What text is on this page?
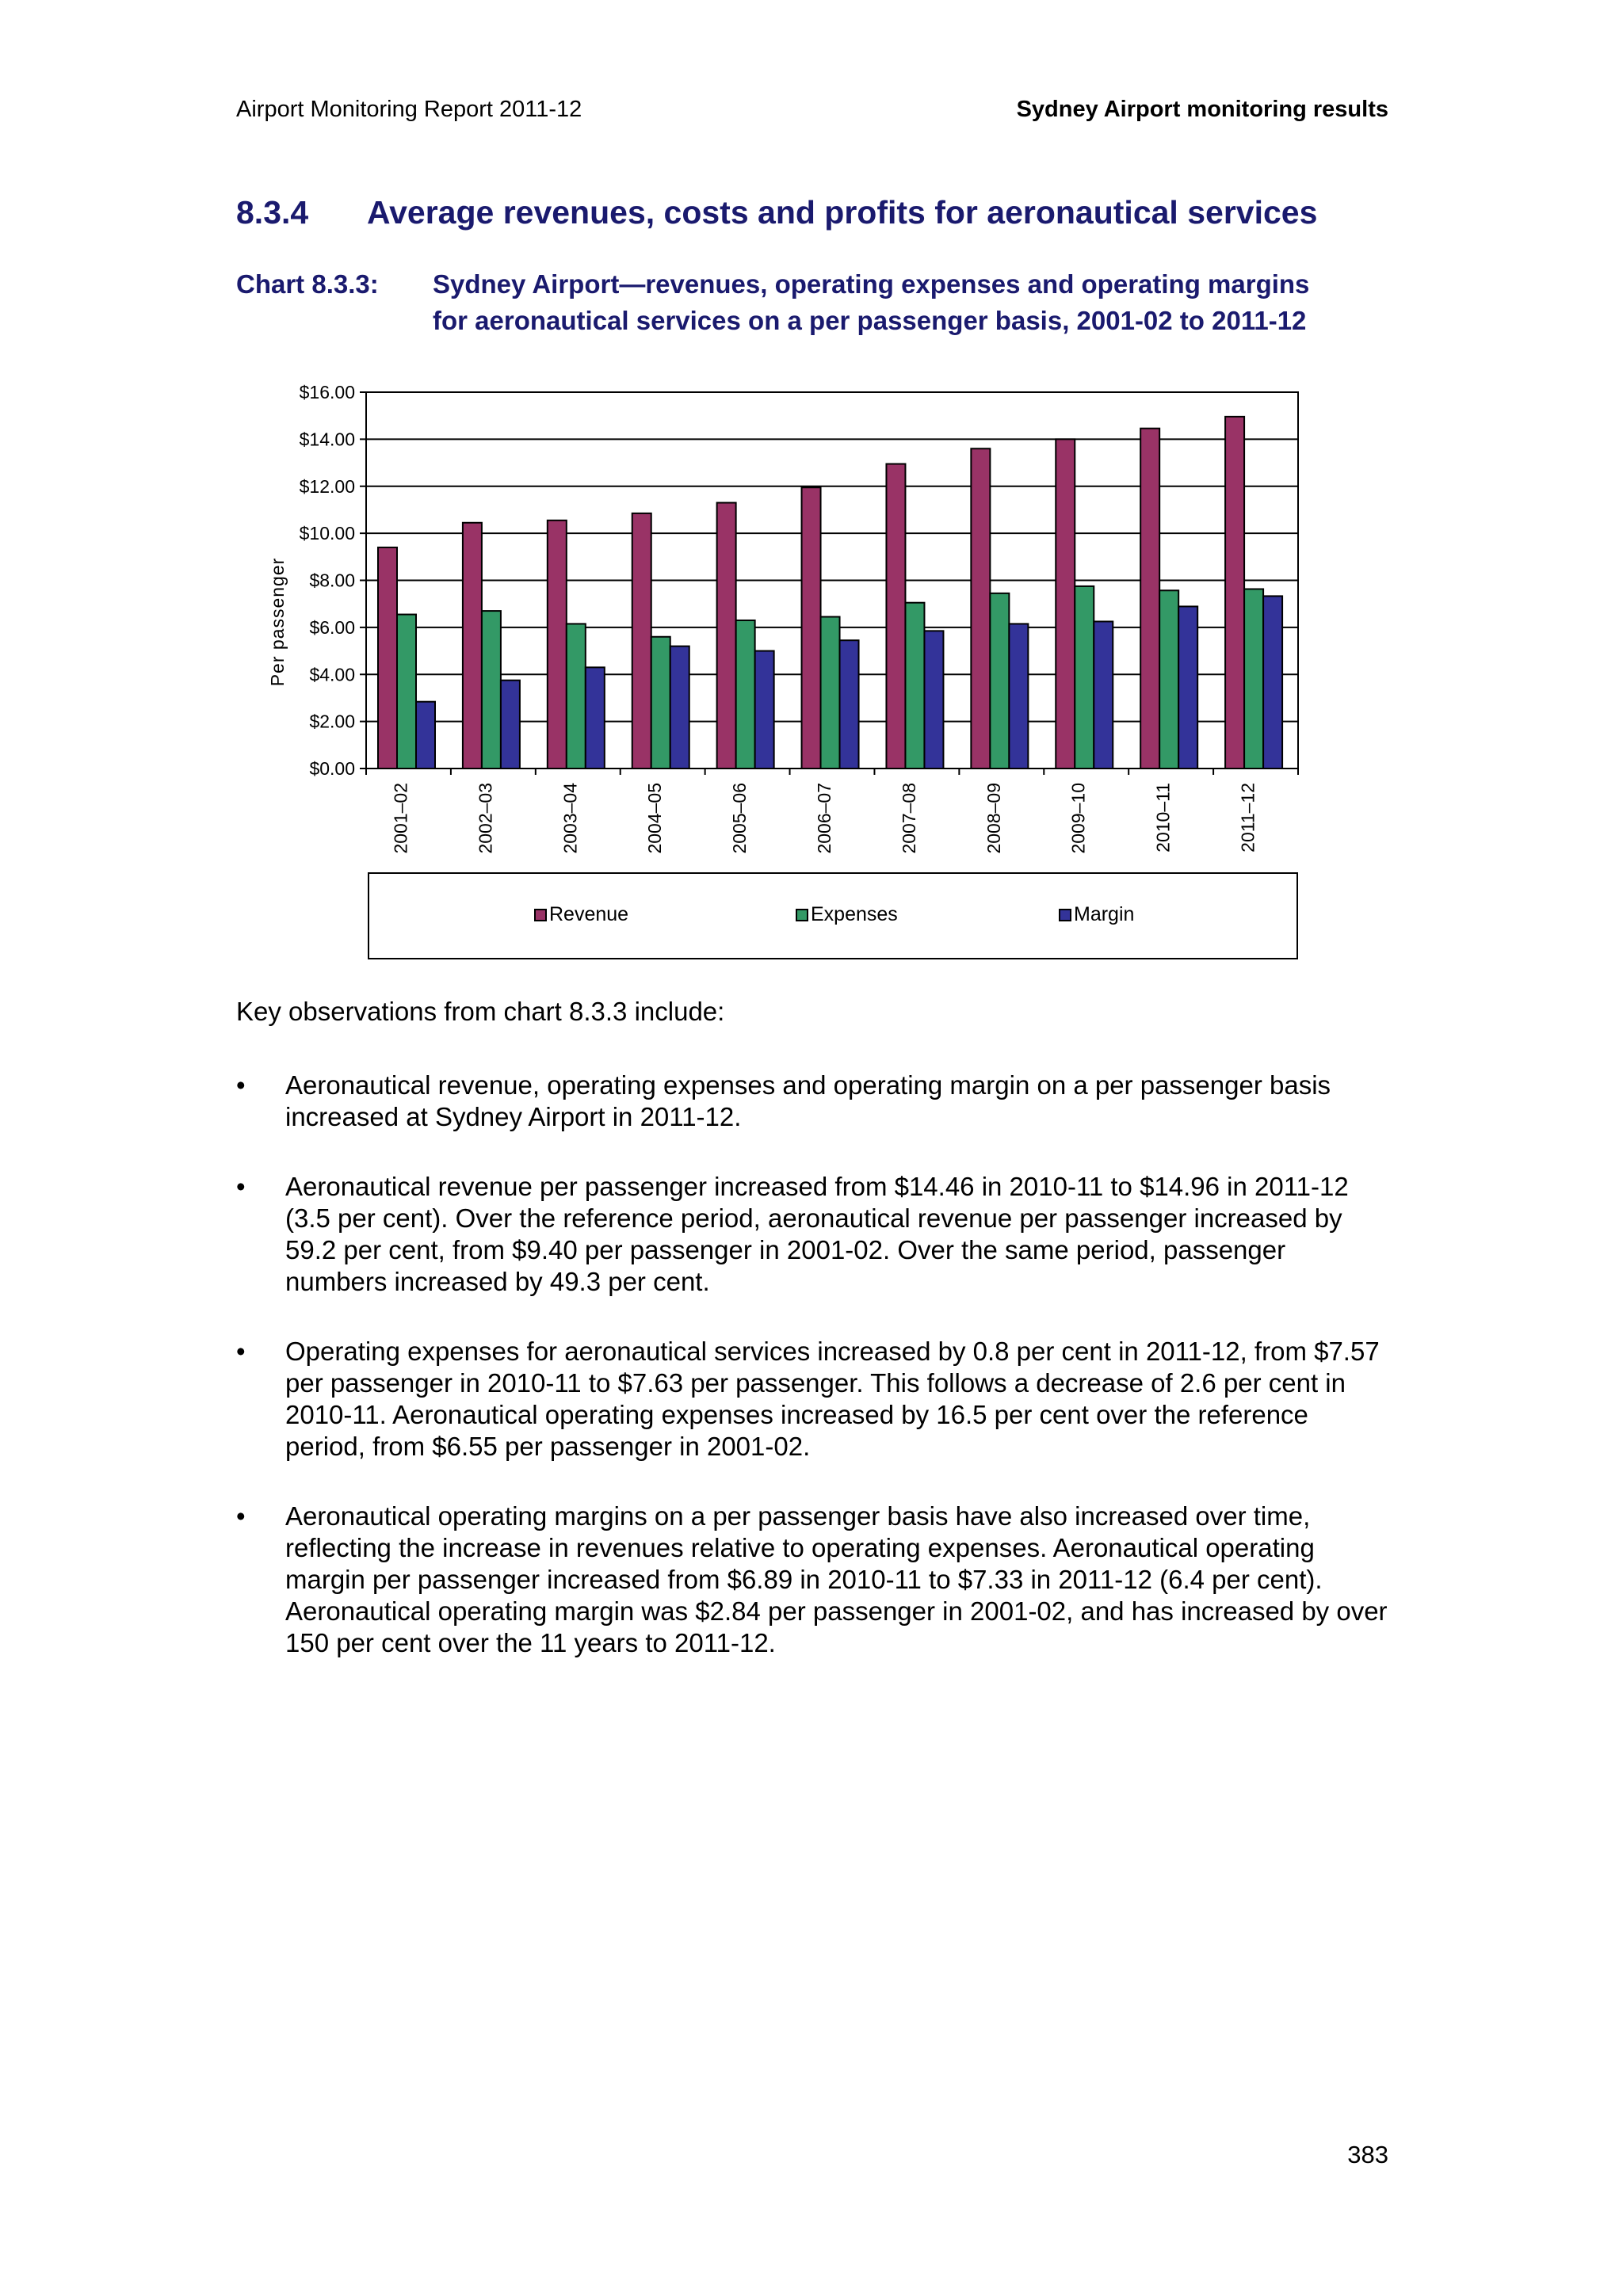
Airport Monitoring Report 2011-12	Sydney Airport monitoring results
8.3.4 Average revenues, costs and profits for aeronautical services
Chart 8.3.3:	Sydney Airport—revenues, operating expenses and operating margins
for aeronautical services on a per passenger basis, 2001-02 to 2011-12
$0.00
$2.00
$4.00
$6.00
$8.00
$10.00
$12.00
$14.00
$16.00
Per passenger
2001–02	2002–03	2003–04	2004–05	2005–06	2006–07	2007–08	2008–09	2009–10	2010–11	2011–12
Revenue	Expenses	Margin
Key observations from chart 8.3.3 include:
• Aeronautical revenue, operating expenses and operating margin on a per passenger basis increased at Sydney Airport in 2011-12.
• Aeronautical revenue per passenger increased from $14.46 in 2010-11 to $14.96 in 2011-12 (3.5 per cent). Over the reference period, aeronautical revenue per passenger increased by 59.2 per cent, from $9.40 per passenger in 2001-02. Over the same period, passenger numbers increased by 49.3 per cent.
• Operating expenses for aeronautical services increased by 0.8 per cent in 2011-12, from $7.57 per passenger in 2010-11 to $7.63 per passenger. This follows a decrease of 2.6 per cent in 2010-11. Aeronautical operating expenses increased by 16.5 per cent over the reference period, from $6.55 per passenger in 2001-02.
• Aeronautical operating margins on a per passenger basis have also increased over time, reflecting the increase in revenues relative to operating expenses. Aeronautical operating margin per passenger increased from $6.89 in 2010-11 to $7.33 in 2011-12 (6.4 per cent). Aeronautical operating margin was $2.84 per passenger in 2001-02, and has increased by over 150 per cent over the 11 years to 2011-12.
383
